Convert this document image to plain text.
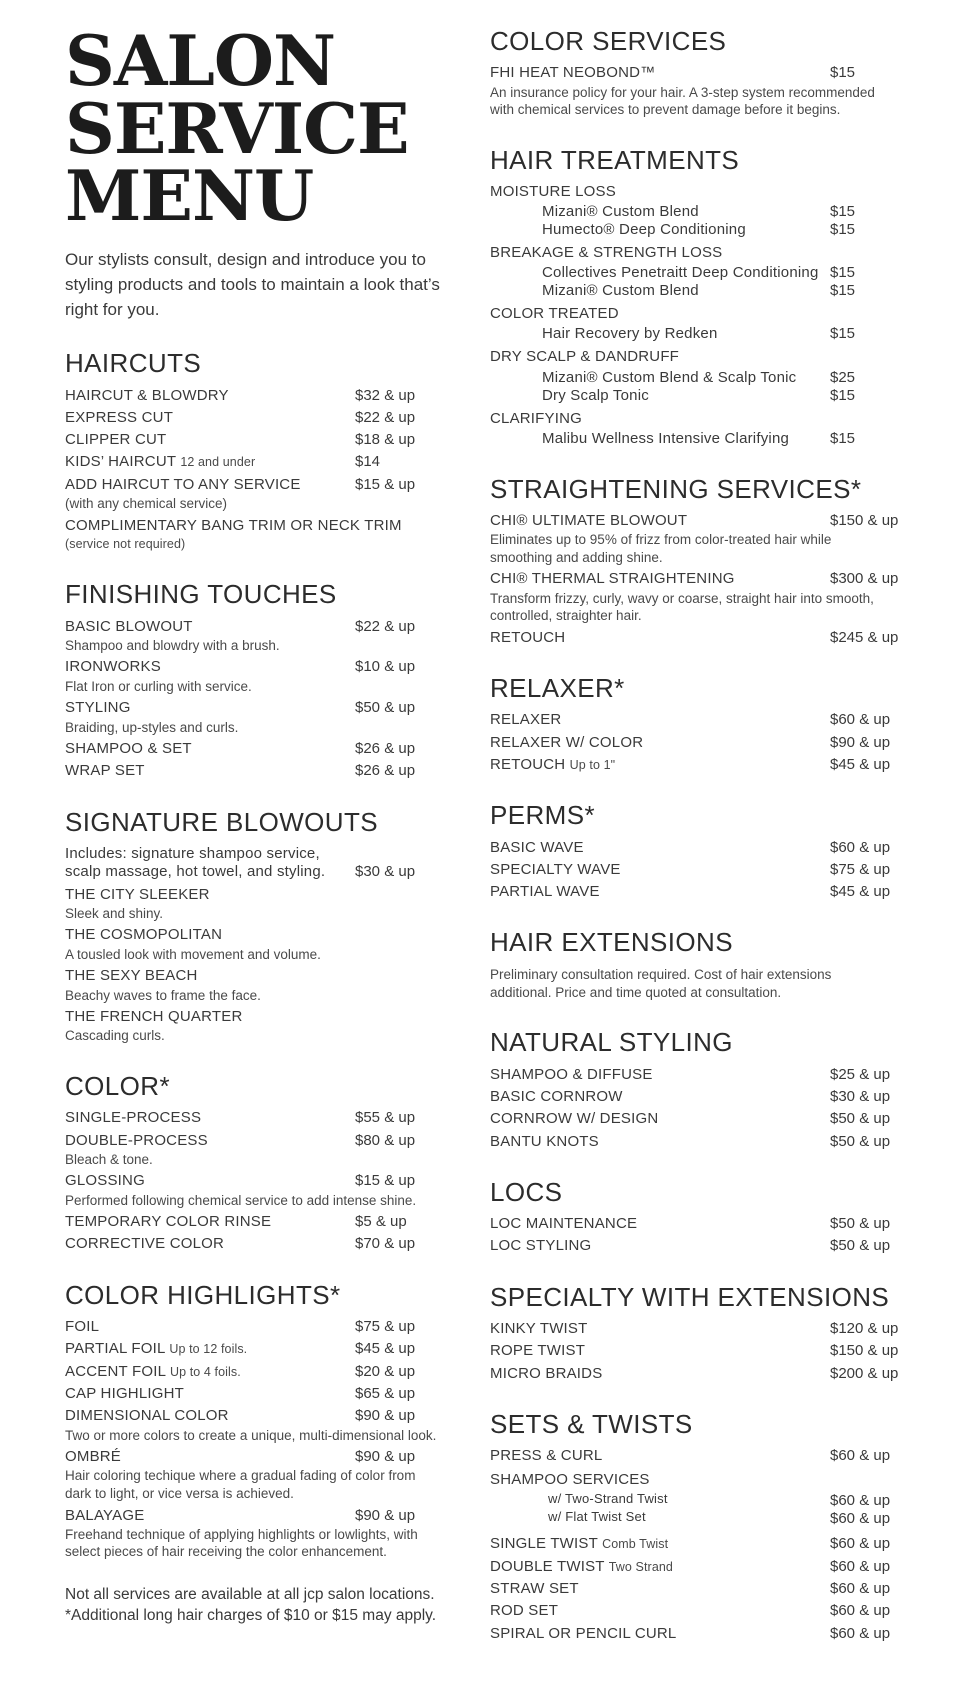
SALON
SERVICE
MENU

Our stylists consult, design and introduce you to styling products and tools to maintain a look that’s right for you.

HAIRCUTS
HAIRCUT & BLOWDRY	$32 & up
EXPRESS CUT	$22 & up
CLIPPER CUT	$18 & up
KIDS’ HAIRCUT 12 and under	$14
ADD HAIRCUT TO ANY SERVICE	$15 & up
(with any chemical service)
COMPLIMENTARY BANG TRIM OR NECK TRIM (service not required)
FINISHING TOUCHES
BASIC BLOWOUT	$22 & up
Shampoo and blowdry with a brush.
IRONWORKS	$10 & up
Flat Iron or curling with service.
STYLING	$50 & up
Braiding, up-styles and curls.
SHAMPOO & SET	$26 & up
WRAP SET	$26 & up
SIGNATURE BLOWOUTS
Includes: signature shampoo service, scalp massage, hot towel, and styling.	$30 & up
THE CITY SLEEKER
Sleek and shiny.
THE COSMOPOLITAN
A tousled look with movement and volume.
THE SEXY BEACH
Beachy waves to frame the face.
THE FRENCH QUARTER
Cascading curls.
COLOR*
SINGLE-PROCESS	$55 & up
DOUBLE-PROCESS	$80 & up
Bleach & tone.
GLOSSING	$15 & up
Performed following chemical service to add intense shine.
TEMPORARY COLOR RINSE	$5 & up
CORRECTIVE COLOR	$70 & up
COLOR HIGHLIGHTS*
FOIL	$75 & up
PARTIAL FOIL Up to 12 foils.	$45 & up
ACCENT FOIL Up to 4 foils.	$20 & up
CAP HIGHLIGHT	$65 & up
DIMENSIONAL COLOR	$90 & up
Two or more colors to create a unique, multi-dimensional look.
OMBRÉ	$90 & up
Hair coloring techique where a gradual fading of color from dark to light, or vice versa is achieved.
BALAYAGE	$90 & up
Freehand technique of applying highlights or lowlights, with select pieces of hair receiving the color enhancement.
Not all services are available at all jcp salon locations.
*Additional long hair charges of $10 or $15 may apply.
COLOR SERVICES
FHI HEAT NEOBOND™	$15
An insurance policy for your hair. A 3-step system recommended with chemical services to prevent damage before it begins.
HAIR TREATMENTS
MOISTURE LOSS
Mizani® Custom Blend	$15
Humecto® Deep Conditioning	$15
BREAKAGE & STRENGTH LOSS
Collectives Penetraitt Deep Conditioning $15
Mizani® Custom Blend	$15
COLOR TREATED
Hair Recovery by Redken	$15
DRY SCALP & DANDRUFF
Mizani® Custom Blend & Scalp Tonic	$25
Dry Scalp Tonic	$15
CLARIFYING
Malibu Wellness Intensive Clarifying	$15
STRAIGHTENING SERVICES*
CHI® ULTIMATE BLOWOUT	$150 & up
Eliminates up to 95% of frizz from color-treated hair while smoothing and adding shine.
CHI® THERMAL STRAIGHTENING	$300 & up
Transform frizzy, curly, wavy or coarse, straight hair into smooth, controlled, straighter hair.
RETOUCH	$245 & up
RELAXER*
RELAXER	$60 & up
RELAXER W/ COLOR	$90 & up
RETOUCH Up to 1"	$45 & up
PERMS*
BASIC WAVE	$60 & up
SPECIALTY WAVE	$75 & up
PARTIAL WAVE	$45 & up
HAIR EXTENSIONS

Preliminary consultation required. Cost of hair extensions additional. Price and time quoted at consultation.

NATURAL STYLING
SHAMPOO & DIFFUSE	$25 & up
BASIC CORNROW	$30 & up
CORNROW W/ DESIGN	$50 & up
BANTU KNOTS	$50 & up
LOCS
LOC MAINTENANCE	$50 & up
LOC STYLING	$50 & up
SPECIALTY WITH EXTENSIONS
KINKY TWIST	$120 & up
ROPE TWIST	$150 & up
MICRO BRAIDS	$200 & up
SETS & TWISTS
PRESS & CURL	$60 & up
SHAMPOO SERVICES
w/ Two-Strand Twist	$60 & up
w/ Flat Twist Set	$60 & up
SINGLE TWIST Comb Twist	$60 & up
DOUBLE TWIST Two Strand	$60 & up
STRAW SET	$60 & up
ROD SET	$60 & up
SPIRAL OR PENCIL CURL	$60 & up
